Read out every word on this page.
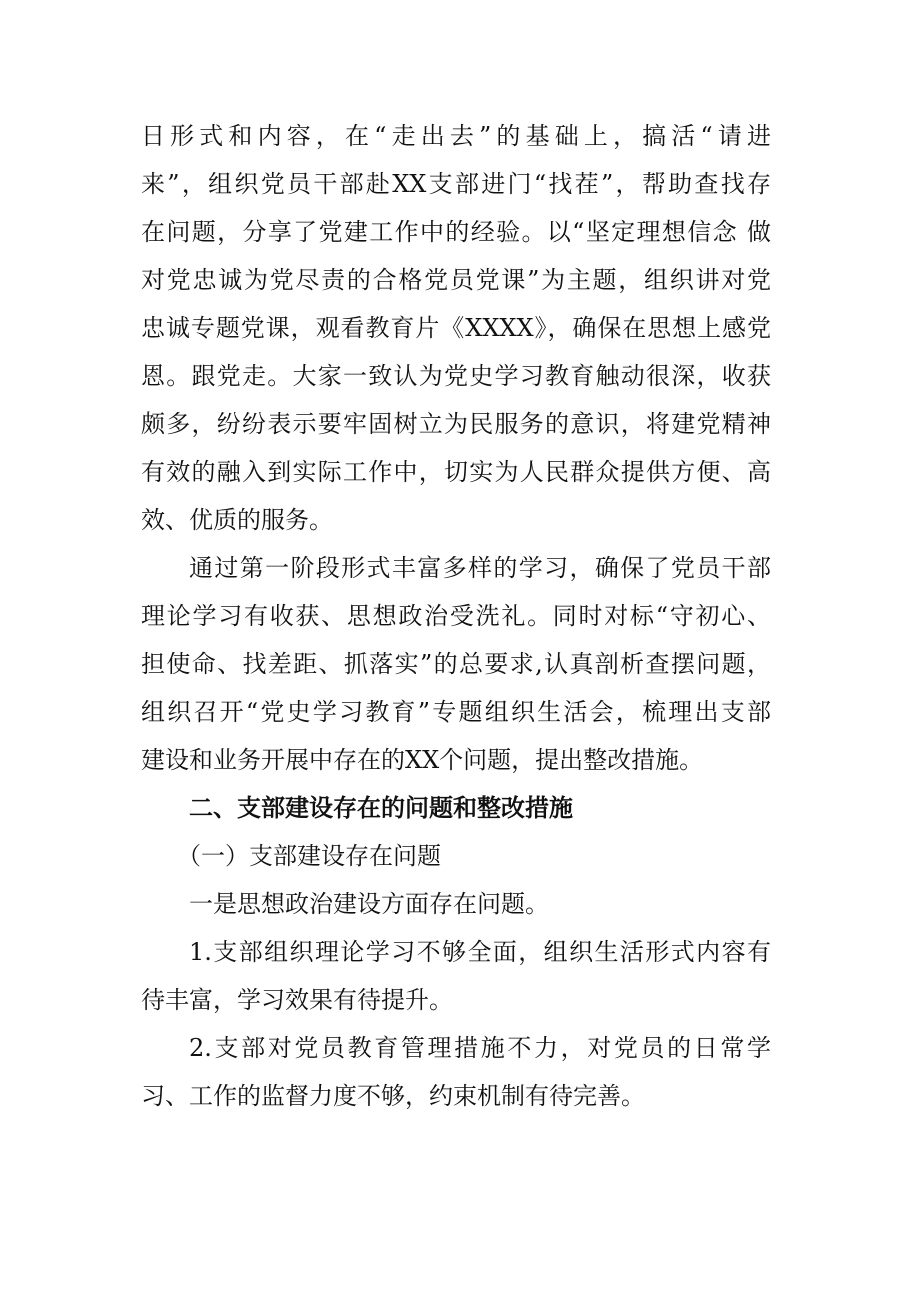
日形式和内容，在“走出去”的基础上，搞活“请进
来”，组织党员干部赴XX支部进门“找茬”，帮助查找存
在问题，分享了党建工作中的经验。以“坚定理想信念 做
对党忠诚为党尽责的合格党员党课”为主题，组织讲对党
忠诚专题党课，观看教育片《XXXX》，确保在思想上感党
恩。跟党走。大家一致认为党史学习教育触动很深，收获
颇多，纷纷表示要牢固树立为民服务的意识，将建党精神
有效的融入到实际工作中，切实为人民群众提供方便、高
效、优质的服务。
通过第一阶段形式丰富多样的学习，确保了党员干部
理论学习有收获、思想政治受洗礼。同时对标“守初心、
担使命、找差距、抓落实”的总要求,认真剖析查摆问题，
组织召开“党史学习教育”专题组织生活会，梳理出支部
建设和业务开展中存在的XX个问题，提出整改措施。
二、支部建设存在的问题和整改措施
（一）支部建设存在问题
一是思想政治建设方面存在问题。
1.支部组织理论学习不够全面，组织生活形式内容有
待丰富，学习效果有待提升。
2.支部对党员教育管理措施不力，对党员的日常学
习、工作的监督力度不够，约束机制有待完善。
